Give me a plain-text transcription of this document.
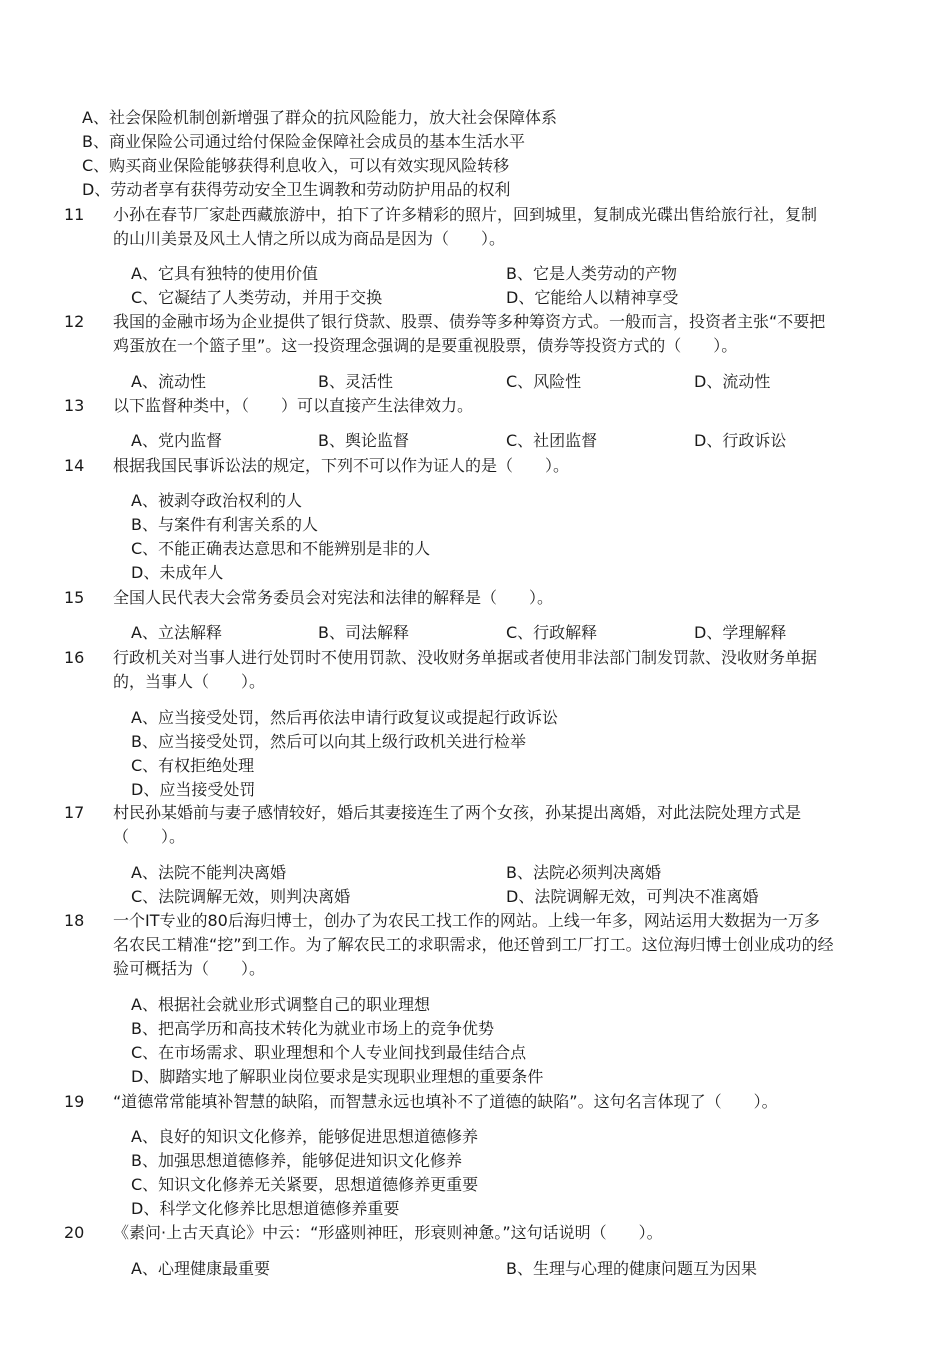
A、社会保险机制创新增强了群众的抗风险能力，放大社会保障体系
B、商业保险公司通过给付保险金保障社会成员的基本生活水平
C、购买商业保险能够获得利息收入，可以有效实现风险转移
D、劳动者享有获得劳动安全卫生调教和劳动防护用品的权利
11	小孙在春节厂家赴西藏旅游中，拍下了许多精彩的照片，回到城里，复制成光碟出售给旅行社，复制
的山川美景及风土人情之所以成为商品是因为（　　）。
A、它具有独特的使用价值	B、它是人类劳动的产物
C、它凝结了人类劳动，并用于交换	D、它能给人以精神享受
12	我国的金融市场为企业提供了银行贷款、股票、债券等多种筹资方式。一般而言，投资者主张“不要把
鸡蛋放在一个篮子里”。这一投资理念强调的是要重视股票，债券等投资方式的（　　）。
A、流动性	B、灵活性	C、风险性	D、流动性
13	以下监督种类中，（　　）可以直接产生法律效力。
A、党内监督	B、舆论监督	C、社团监督	D、行政诉讼
14	根据我国民事诉讼法的规定，下列不可以作为证人的是（　　）。
A、被剥夺政治权利的人
B、与案件有利害关系的人
C、不能正确表达意思和不能辨别是非的人
D、未成年人
15	全国人民代表大会常务委员会对宪法和法律的解释是（　　）。
A、立法解释	B、司法解释	C、行政解释	D、学理解释
16	行政机关对当事人进行处罚时不使用罚款、没收财务单据或者使用非法部门制发罚款、没收财务单据
的，当事人（　　）。
A、应当接受处罚，然后再依法申请行政复议或提起行政诉讼
B、应当接受处罚，然后可以向其上级行政机关进行检举
C、有权拒绝处理
D、应当接受处罚
17	村民孙某婚前与妻子感情较好，婚后其妻接连生了两个女孩，孙某提出离婚，对此法院处理方式是
（　　）。
A、法院不能判决离婚	B、法院必须判决离婚
C、法院调解无效，则判决离婚	D、法院调解无效，可判决不准离婚
18	一个IT专业的80后海归博士，创办了为农民工找工作的网站。上线一年多，网站运用大数据为一万多
名农民工精准“挖”到工作。为了解农民工的求职需求，他还曾到工厂打工。这位海归博士创业成功的经
验可概括为（　　）。
A、根据社会就业形式调整自己的职业理想
B、把高学历和高技术转化为就业市场上的竞争优势
C、在市场需求、职业理想和个人专业间找到最佳结合点
D、脚踏实地了解职业岗位要求是实现职业理想的重要条件
19	“道德常常能填补智慧的缺陷，而智慧永远也填补不了道德的缺陷”。这句名言体现了（　　）。
A、良好的知识文化修养，能够促进思想道德修养
B、加强思想道德修养，能够促进知识文化修养
C、知识文化修养无关紧要，思想道德修养更重要
D、科学文化修养比思想道德修养重要
20	《素问·上古天真论》中云：“形盛则神旺，形衰则神惫。”这句话说明（　　）。
A、心理健康最重要	B、生理与心理的健康问题互为因果
